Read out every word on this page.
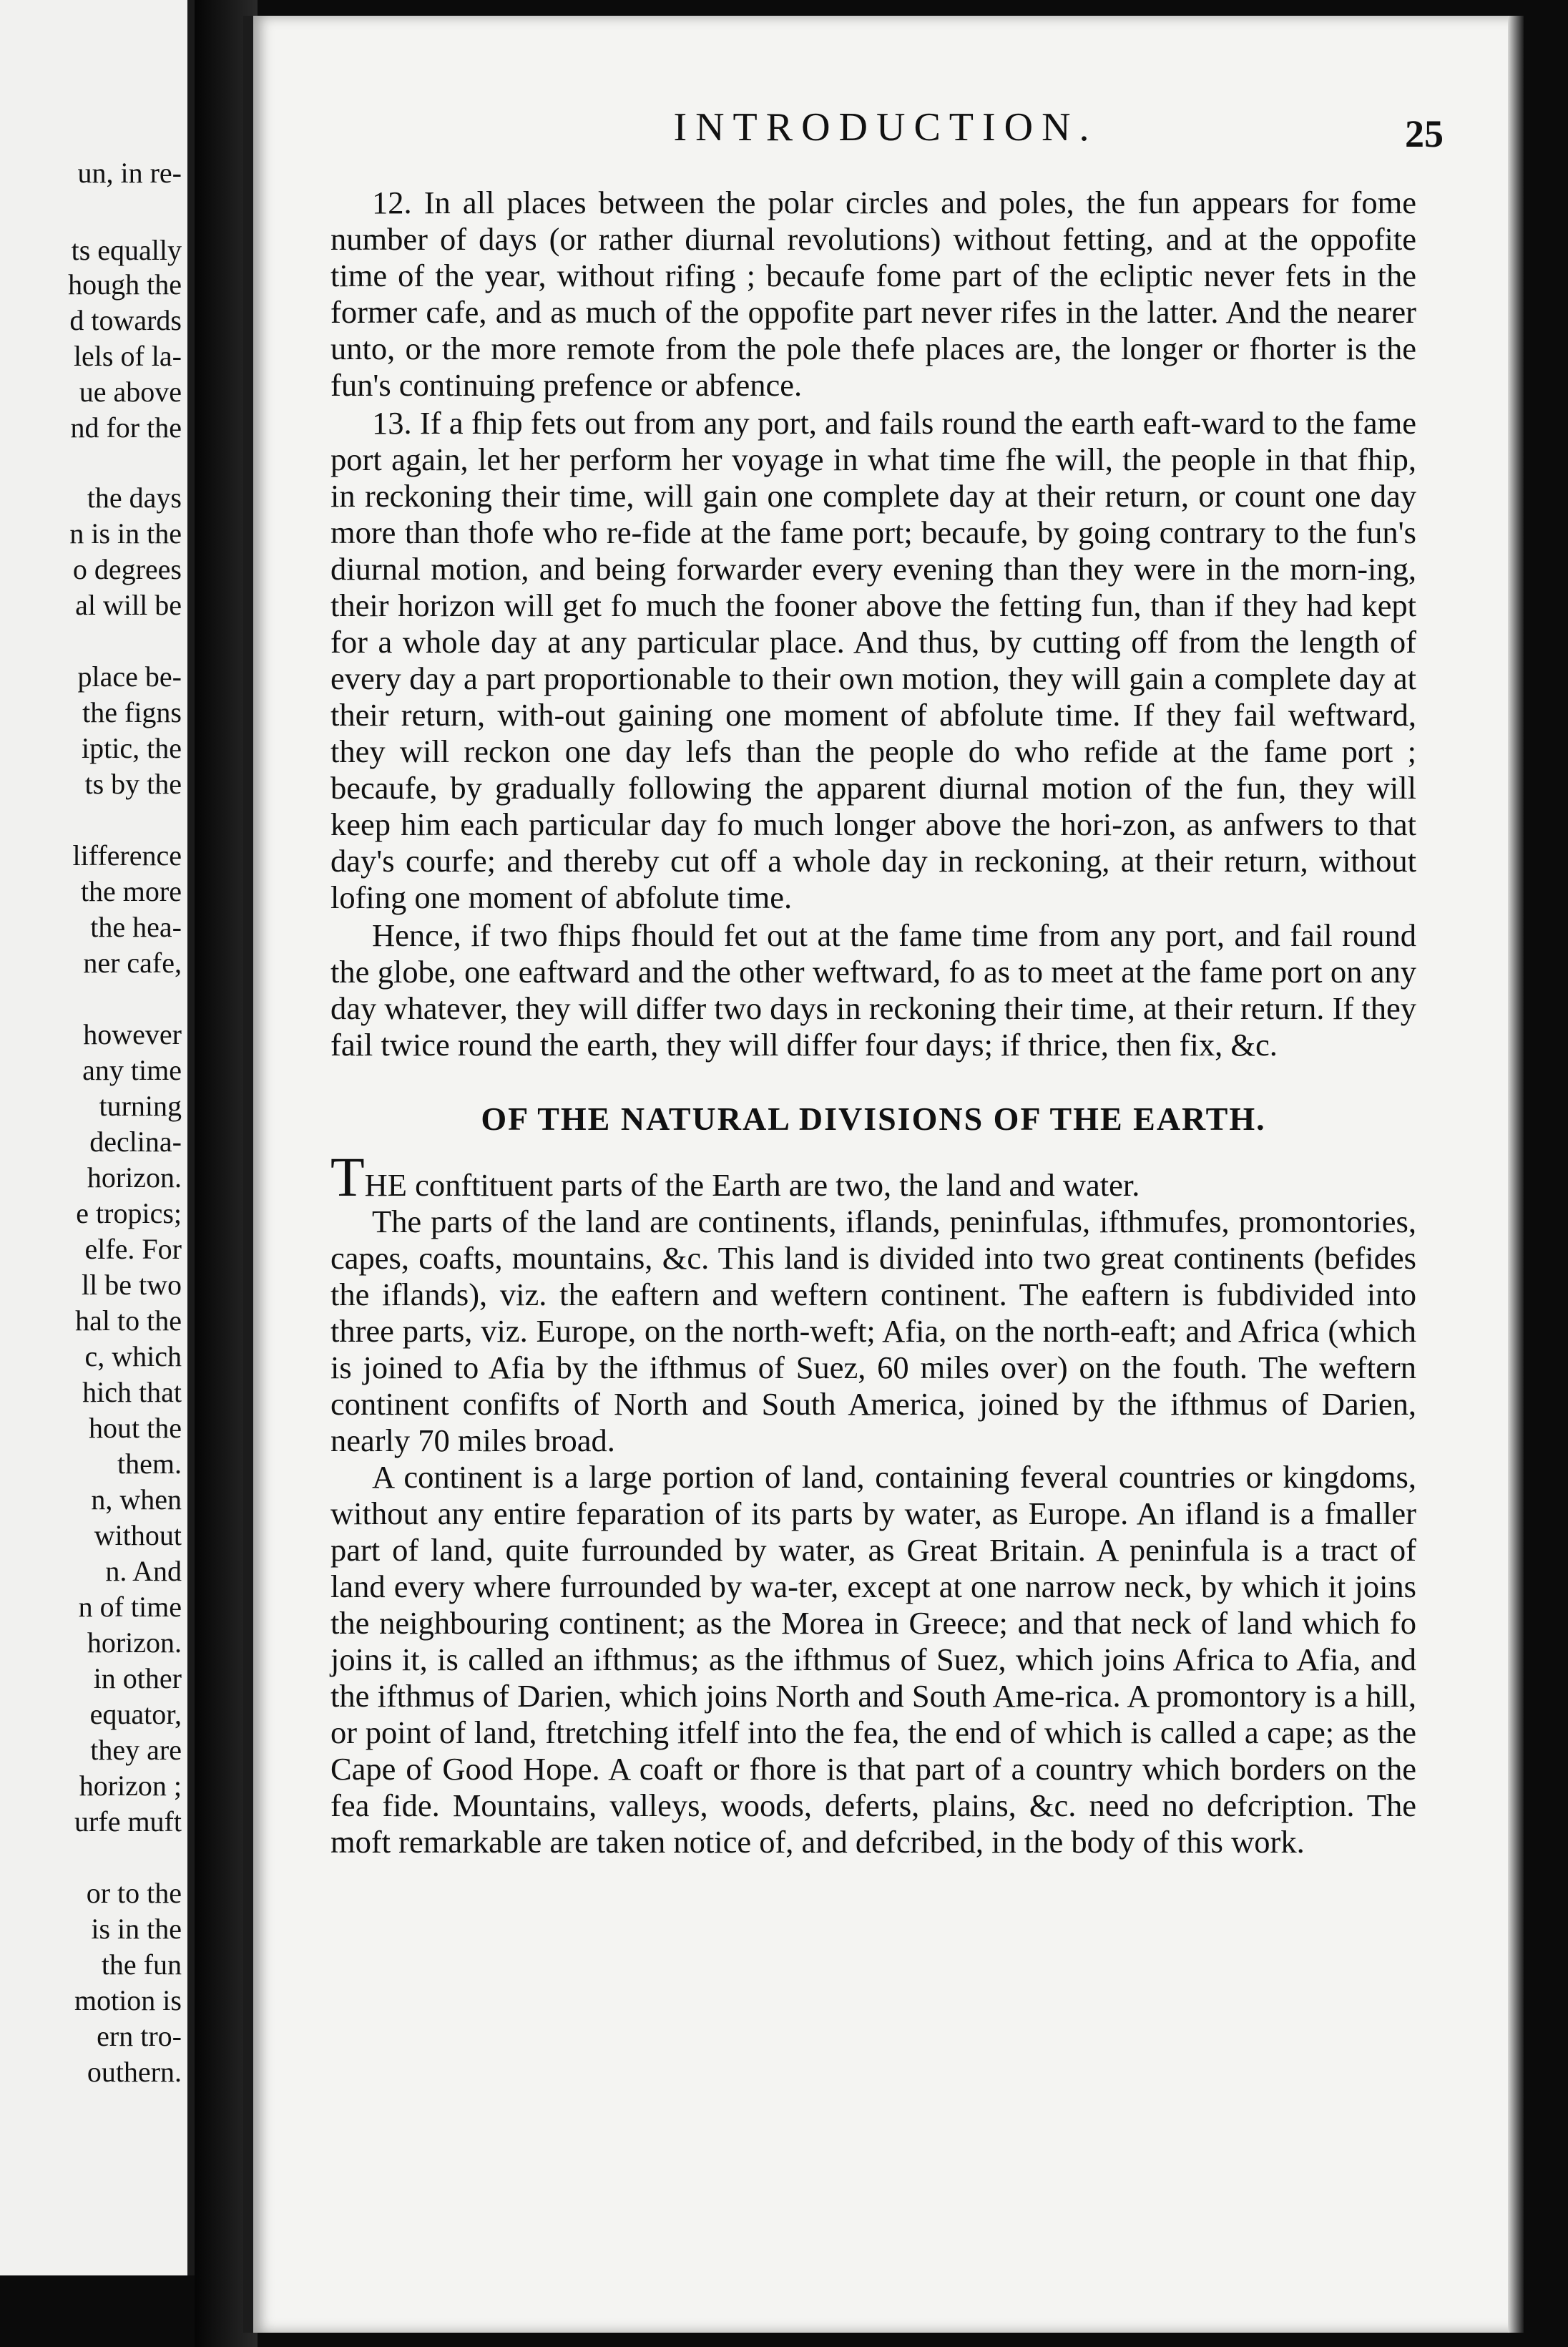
un, in re-
ts equally
hough the
d towards
lels of la-
ue above
nd for the
the days
n is in the
o degrees
al will be
place be-
the figns
iptic, the
ts by the
lifference
the more
the hea-
ner cafe,
however
any time
turning
declina-
horizon.
e tropics;
elfe. For
ll be two
hal to the
c, which
hich that
hout the
them.
n, when
without
n. And
n of time
horizon.
in other
equator,
they are
horizon ;
urfe muft
or to the
is in the
the fun
motion is
ern tro-
outhern.
INTRODUCTION.	25

12. In all places between the polar circles and poles, the fun appears for fome number of days (or rather diurnal revolutions) without fetting, and at the oppofite time of the year, without rifing ; becaufe fome part of the ecliptic never fets in the former cafe, and as much of the oppofite part never rifes in the latter. And the nearer unto, or the more remote from the pole thefe places are, the longer or fhorter is the fun's continuing prefence or abfence.

13. If a fhip fets out from any port, and fails round the earth eaft-ward to the fame port again, let her perform her voyage in what time fhe will, the people in that fhip, in reckoning their time, will gain one complete day at their return, or count one day more than thofe who re-fide at the fame port; becaufe, by going contrary to the fun's diurnal motion, and being forwarder every evening than they were in the morn-ing, their horizon will get fo much the fooner above the fetting fun, than if they had kept for a whole day at any particular place. And thus, by cutting off from the length of every day a part proportionable to their own motion, they will gain a complete day at their return, with-out gaining one moment of abfolute time. If they fail weftward, they will reckon one day lefs than the people do who refide at the fame port ; becaufe, by gradually following the apparent diurnal motion of the fun, they will keep him each particular day fo much longer above the hori-zon, as anfwers to that day's courfe; and thereby cut off a whole day in reckoning, at their return, without lofing one moment of abfolute time.

Hence, if two fhips fhould fet out at the fame time from any port, and fail round the globe, one eaftward and the other weftward, fo as to meet at the fame port on any day whatever, they will differ two days in reckoning their time, at their return. If they fail twice round the earth, they will differ four days; if thrice, then fix, &c.

OF THE NATURAL DIVISIONS OF THE EARTH.

THE conftituent parts of the Earth are two, the land and water.

The parts of the land are continents, iflands, peninfulas, ifthmufes, promontories, capes, coafts, mountains, &c. This land is divided into two great continents (befides the iflands), viz. the eaftern and weftern continent. The eaftern is fubdivided into three parts, viz. Europe, on the north-weft; Afia, on the north-eaft; and Africa (which is joined to Afia by the ifthmus of Suez, 60 miles over) on the fouth. The weftern continent confifts of North and South America, joined by the ifthmus of Darien, nearly 70 miles broad.

A continent is a large portion of land, containing feveral countries or kingdoms, without any entire feparation of its parts by water, as Europe. An ifland is a fmaller part of land, quite furrounded by water, as Great Britain. A peninfula is a tract of land every where furrounded by wa-ter, except at one narrow neck, by which it joins the neighbouring continent; as the Morea in Greece; and that neck of land which fo joins it, is called an ifthmus; as the ifthmus of Suez, which joins Africa to Afia, and the ifthmus of Darien, which joins North and South Ame-rica. A promontory is a hill, or point of land, ftretching itfelf into the fea, the end of which is called a cape; as the Cape of Good Hope. A coaft or fhore is that part of a country which borders on the fea fide. Mountains, valleys, woods, deferts, plains, &c. need no defcription. The moft remarkable are taken notice of, and defcribed, in the body of this work.
